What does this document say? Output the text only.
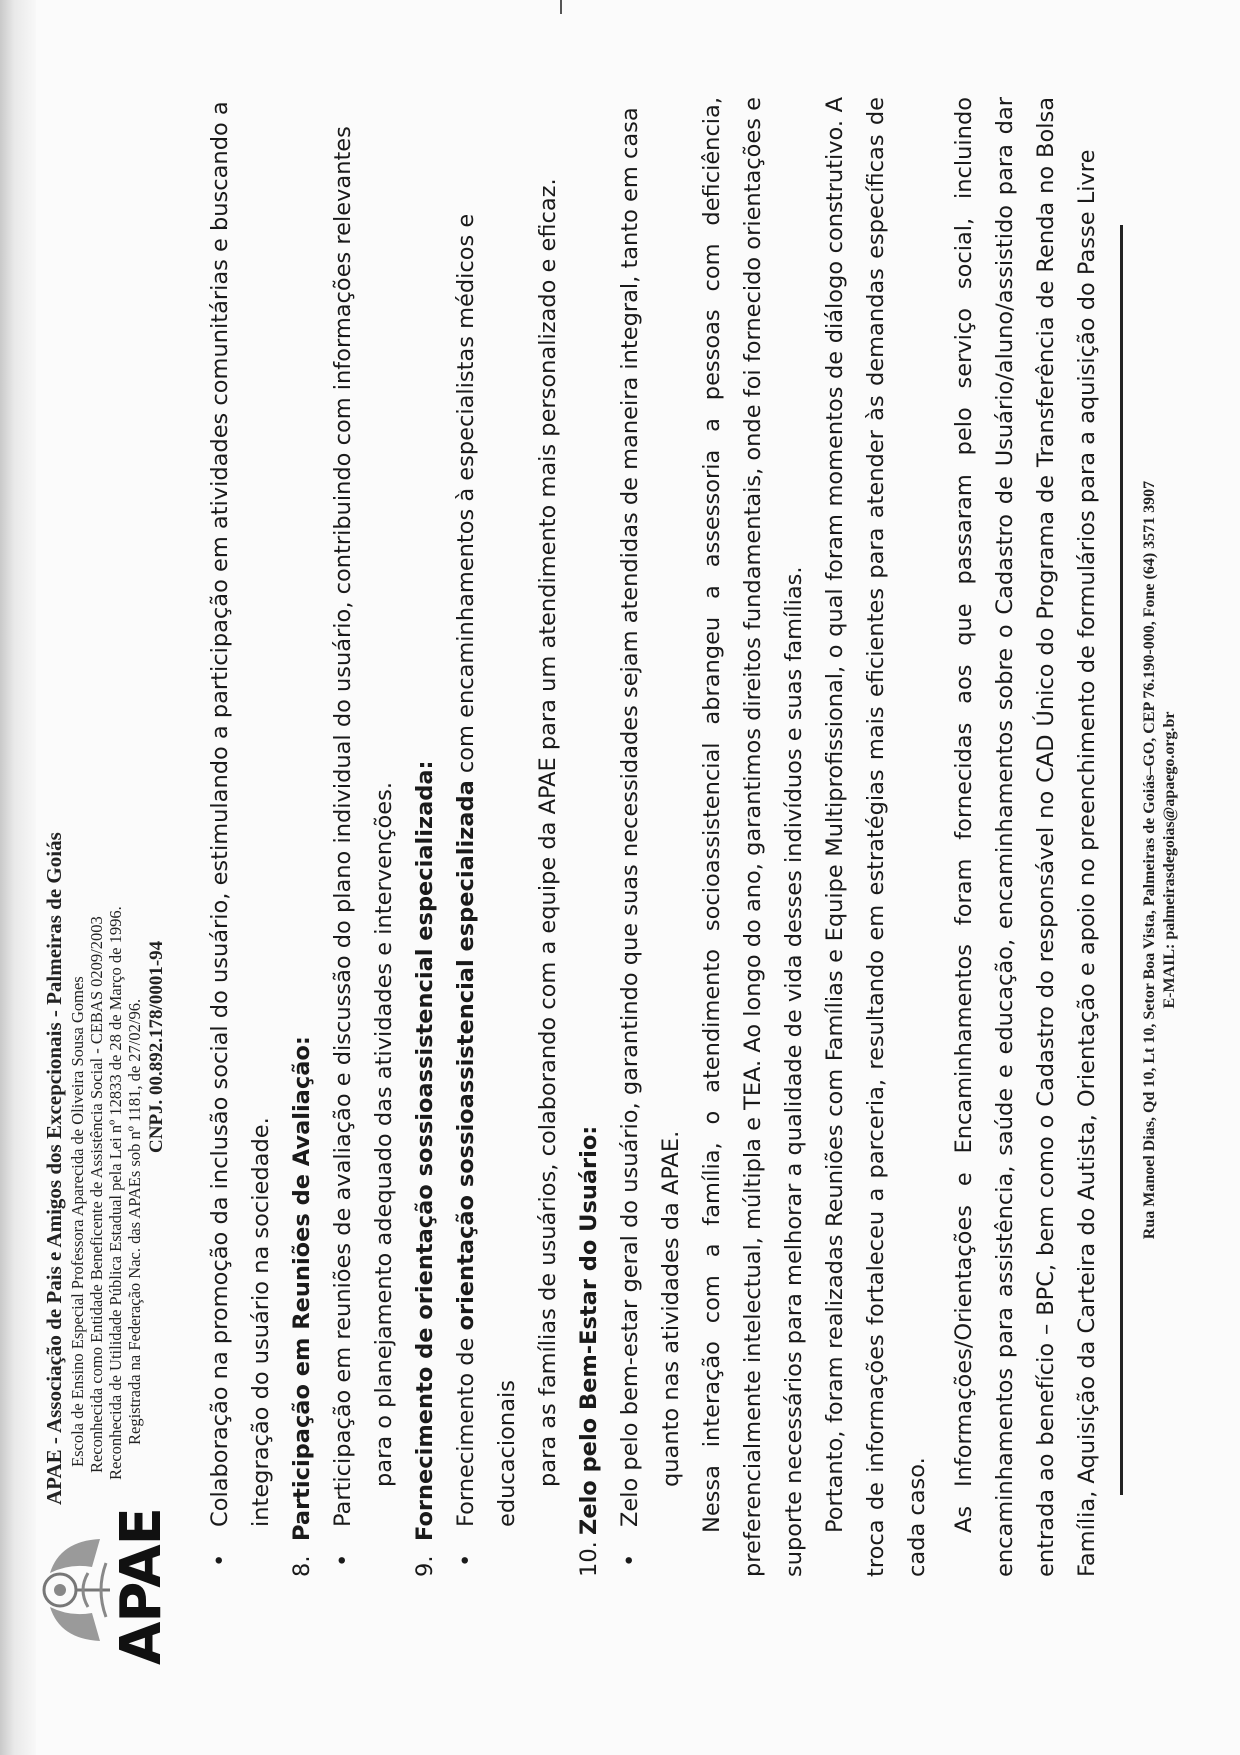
APAE
APAE - Associação de Pais e Amigos dos Excepcionais - Palmeiras de Goiás Escola de Ensino Especial Professora Aparecida de Oliveira Sousa Gomes Reconhecida como Entidade Beneficente de Assistência Social - CEBAS 0209/2003 Reconhecida de Utilidade Pública Estadual pela Lei nº 12833 de 28 de Março de 1996. Registrada na Federação Nac. das APAEs sob nº 1181, de 27/02/96. CNPJ. 00.892.178/0001-94
•
Colaboração na promoção da inclusão social do usuário, estimulando a participação em atividades comunitárias e buscando a integração do usuário na sociedade.
8.Participação em Reuniões de Avaliação:
•
Participação em reuniões de avaliação e discussão do plano individual do usuário, contribuindo com informações relevantes para o planejamento adequado das atividades e intervenções.
9.Fornecimento de orientação sossioassistencial especializada:
•
Fornecimento de orientação sossioassistencial especializada com encaminhamentos à especialistas médicos e educacionais para as famílias de usuários, colaborando com a equipe da APAE para um atendimento mais personalizado e eficaz.
10.Zelo pelo Bem-Estar do Usuário:
•
Zelo pelo bem-estar geral do usuário, garantindo que suas necessidades sejam atendidas de maneira integral, tanto em casa quanto nas atividades da APAE. Nessa interação com a família, o atendimento socioassistencial abrangeu a assessoria a pessoas com deficiência, preferencialmente intelectual, múltipla e TEA. Ao longo do ano, garantimos direitos fundamentais, onde foi fornecido orientações e suporte necessários para melhorar a qualidade de vida desses indivíduos e suas famílias. Portanto, foram realizadas Reuniões com Famílias e Equipe Multiprofissional, o qual foram momentos de diálogo construtivo. A troca de informações fortaleceu a parceria, resultando em estratégias mais eficientes para atender às demandas específicas de cada caso. As Informações/Orientações e Encaminhamentos foram fornecidas aos que passaram pelo serviço social, incluindo encaminhamentos para assistência, saúde e educação, encaminhamentos sobre o Cadastro de Usuário/aluno/assistido para dar entrada ao benefício – BPC, bem como o Cadastro do responsável no CAD Único do Programa de Transferência de Renda no Bolsa Família, Aquisição da Carteira do Autista, Orientação e apoio no preenchimento de formulários para a aquisição do Passe Livre	Rua Manoel Dias, Qd 10, Lt 10, Setor Boa Vista, Palmeiras de Goiás–GO, CEP 76.190-000, Fone (64) 3571 3907 E-MAIL: palmeirasdegoias@apaego.org.br
